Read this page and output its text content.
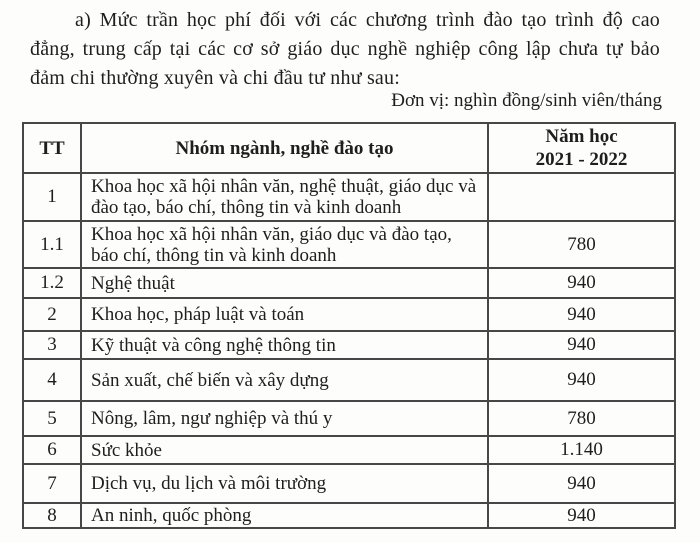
a) Mức trần học phí đối với các chương trình đào tạo trình độ cao đẳng, trung cấp tại các cơ sở giáo dục nghề nghiệp công lập chưa tự bảo đảm chi thường xuyên và chi đầu tư như sau:

Đơn vị: nghìn đồng/sinh viên/tháng

TT	Nhóm ngành, nghề đào tạo	Năm học
2021 - 2022

1	Khoa học xã hội nhân văn, nghệ thuật, giáo dục và đào tạo, báo chí, thông tin và kinh doanh	
1.1	Khoa học xã hội nhân văn, giáo dục và đào tạo, báo chí, thông tin và kinh doanh	780
1.2	Nghệ thuật	940
2	Khoa học, pháp luật và toán	940
3	Kỹ thuật và công nghệ thông tin	940
4	Sản xuất, chế biến và xây dựng	940
5	Nông, lâm, ngư nghiệp và thú y	780
6	Sức khỏe	1.140
7	Dịch vụ, du lịch và môi trường	940
8	An ninh, quốc phòng	940
